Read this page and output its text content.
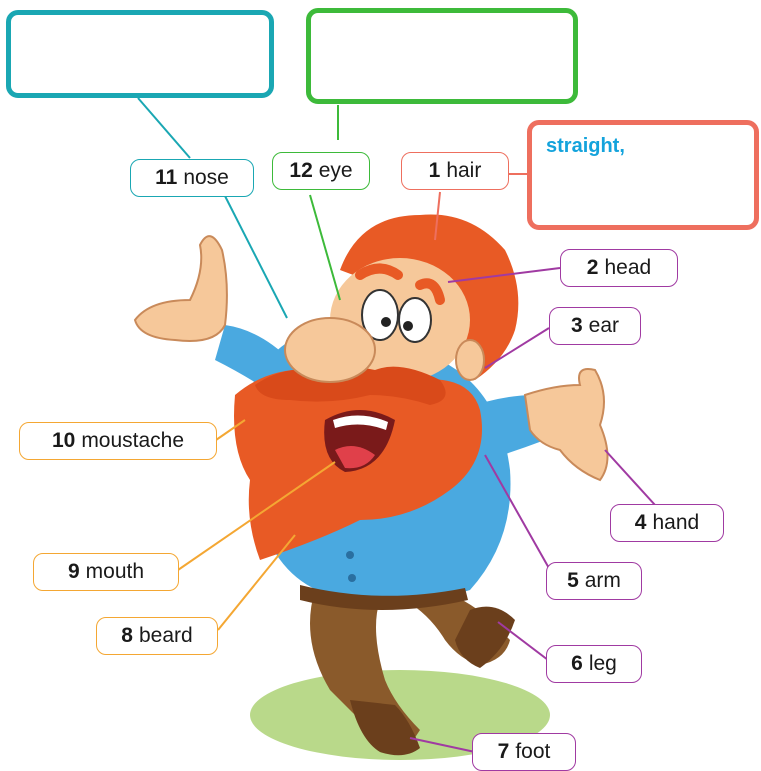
straight,
1 hair
2 head
3 ear
4 hand
5 arm
6 leg
7 foot
8 beard
9 mouth
10 moustache
11 nose	12 eye
